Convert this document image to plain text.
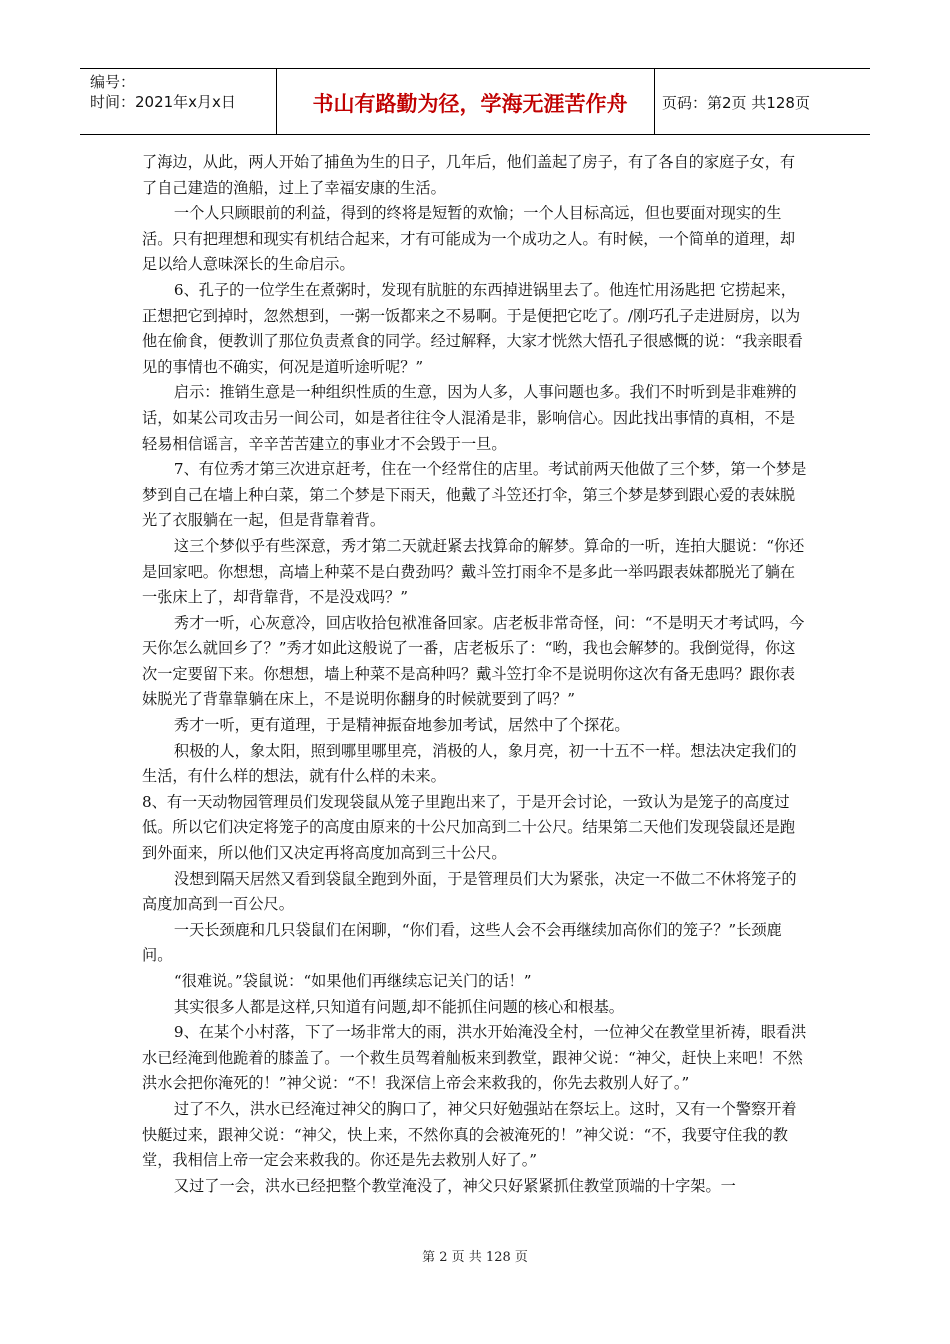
编号：
时间：2021年x月x日	书山有路勤为径，学海无涯苦作舟	页码：第2页 共128页

了海边，从此，两人开始了捕鱼为生的日子，几年后，他们盖起了房子，有了各自的家庭子女，有了自己建造的渔船，过上了幸福安康的生活。

一个人只顾眼前的利益，得到的终将是短暂的欢愉；一个人目标高远，但也要面对现实的生活。只有把理想和现实有机结合起来，才有可能成为一个成功之人。有时候，一个简单的道理，却足以给人意味深长的生命启示。

6、孔子的一位学生在煮粥时，发现有肮脏的东西掉进锅里去了。他连忙用汤匙把 它捞起来，正想把它到掉时，忽然想到，一粥一饭都来之不易啊。于是便把它吃了。/刚巧孔子走进厨房，以为他在偷食，便教训了那位负责煮食的同学。经过解释，大家才恍然大悟孔子很感慨的说：“我亲眼看见的事情也不确实，何况是道听途听呢？”

启示：推销生意是一种组织性质的生意，因为人多，人事问题也多。我们不时听到是非难辨的话，如某公司攻击另一间公司，如是者往往令人混淆是非，影响信心。因此找出事情的真相，不是轻易相信谣言，辛辛苦苦建立的事业才不会毁于一旦。

7、有位秀才第三次进京赶考，住在一个经常住的店里。考试前两天他做了三个梦，第一个梦是梦到自己在墙上种白菜，第二个梦是下雨天，他戴了斗笠还打伞，第三个梦是梦到跟心爱的表妹脱光了衣服躺在一起，但是背靠着背。

这三个梦似乎有些深意，秀才第二天就赶紧去找算命的解梦。算命的一听，连拍大腿说：“你还是回家吧。你想想，高墙上种菜不是白费劲吗？戴斗笠打雨伞不是多此一举吗跟表妹都脱光了躺在一张床上了，却背靠背，不是没戏吗？”

秀才一听，心灰意冷，回店收拾包袱准备回家。店老板非常奇怪，问：“不是明天才考试吗，今天你怎么就回乡了？”秀才如此这般说了一番，店老板乐了：“哟，我也会解梦的。我倒觉得，你这次一定要留下来。你想想，墙上种菜不是高种吗？戴斗笠打伞不是说明你这次有备无患吗？跟你表妹脱光了背靠靠躺在床上，不是说明你翻身的时候就要到了吗？”

秀才一听，更有道理，于是精神振奋地参加考试，居然中了个探花。

积极的人，象太阳，照到哪里哪里亮，消极的人，象月亮，初一十五不一样。想法决定我们的生活，有什么样的想法，就有什么样的未来。

8、有一天动物园管理员们发现袋鼠从笼子里跑出来了，于是开会讨论，一致认为是笼子的高度过低。所以它们决定将笼子的高度由原来的十公尺加高到二十公尺。结果第二天他们发现袋鼠还是跑到外面来，所以他们又决定再将高度加高到三十公尺。

没想到隔天居然又看到袋鼠全跑到外面，于是管理员们大为紧张，决定一不做二不休将笼子的高度加高到一百公尺。

一天长颈鹿和几只袋鼠们在闲聊，“你们看，这些人会不会再继续加高你们的笼子？”长颈鹿问。

“很难说。”袋鼠说：“如果他们再继续忘记关门的话！”

其实很多人都是这样,只知道有问题,却不能抓住问题的核心和根基。

9、在某个小村落，下了一场非常大的雨，洪水开始淹没全村，一位神父在教堂里祈祷，眼看洪水已经淹到他跪着的膝盖了。一个救生员驾着舢板来到教堂，跟神父说：“神父，赶快上来吧！不然洪水会把你淹死的！”神父说：“不！我深信上帝会来救我的，你先去救别人好了。”

过了不久，洪水已经淹过神父的胸口了，神父只好勉强站在祭坛上。这时，又有一个警察开着快艇过来，跟神父说：“神父，快上来，不然你真的会被淹死的！”神父说：“不，我要守住我的教堂，我相信上帝一定会来救我的。你还是先去救别人好了。”

又过了一会，洪水已经把整个教堂淹没了，神父只好紧紧抓住教堂顶端的十字架。一

第 2 页 共 128 页
